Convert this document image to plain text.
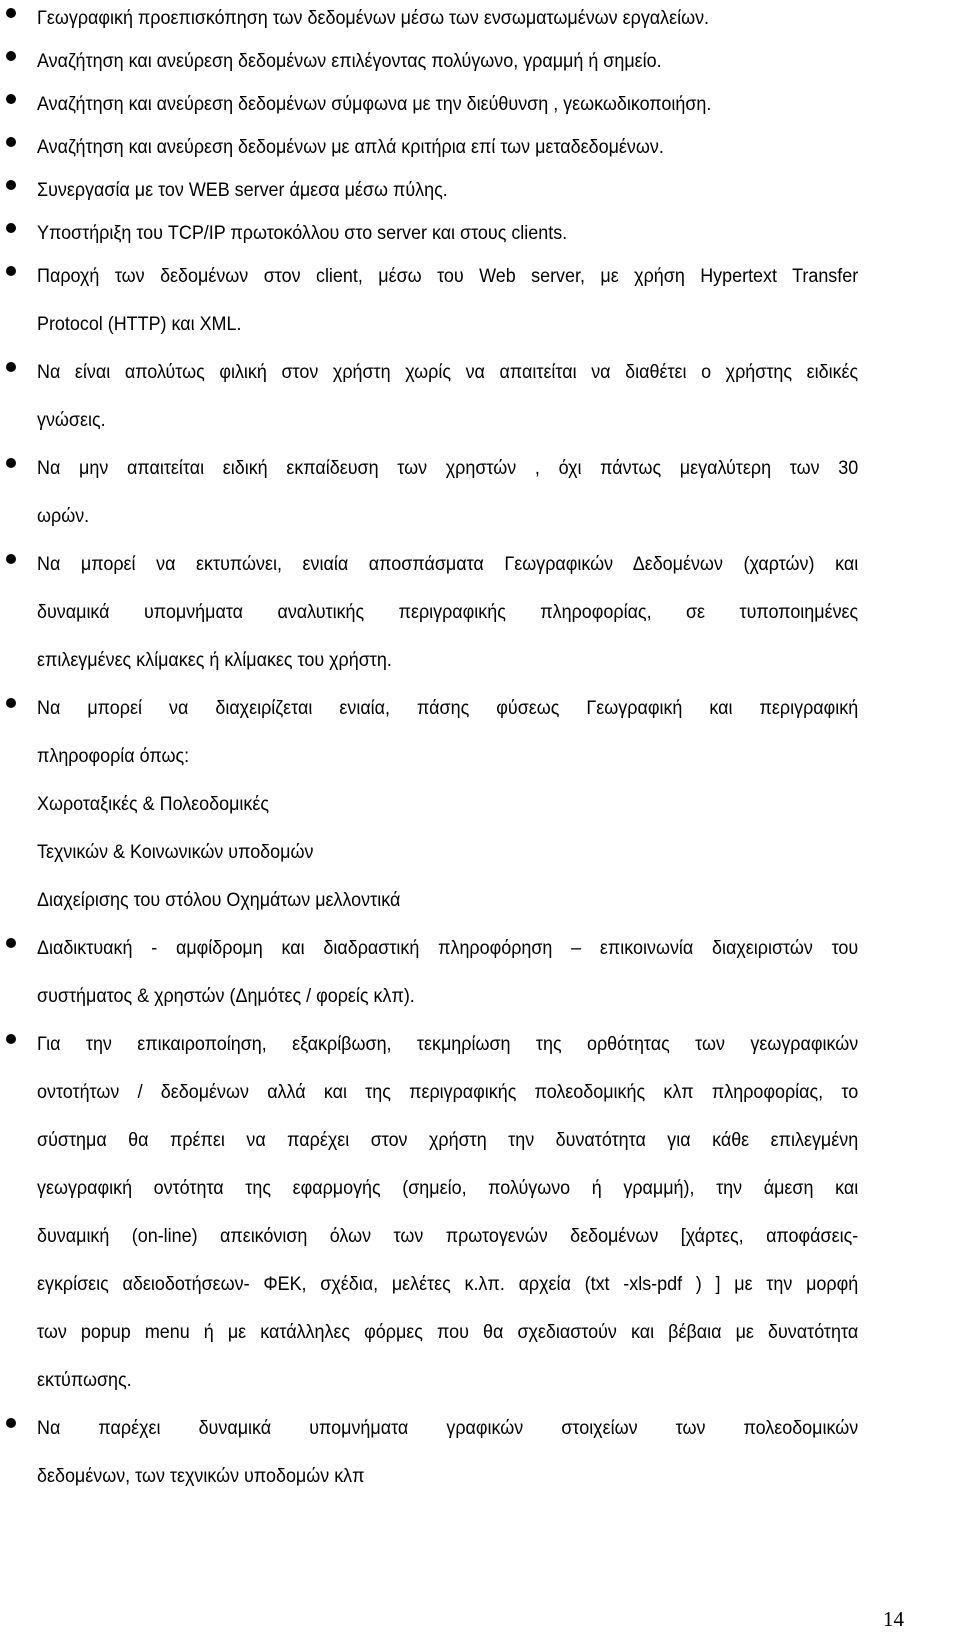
Γεωγραφική προεπισκόπηση των δεδομένων μέσω των ενσωματωμένων εργαλείων.
Αναζήτηση και ανεύρεση δεδομένων επιλέγοντας πολύγωνο, γραμμή ή σημείο.
Αναζήτηση και ανεύρεση δεδομένων σύμφωνα με την διεύθυνση , γεωκωδικοποιήση.
Αναζήτηση και ανεύρεση δεδομένων με απλά κριτήρια επί των μεταδεδομένων.
Συνεργασία με τον WEB server άμεσα μέσω πύλης.
Υποστήριξη του TCP/IP πρωτοκόλλου στο server και στους clients.
Παροχή των δεδομένων στον client, μέσω του Web server, με χρήση Hypertext Transfer
Protocol (HTTP) και XML.
Να είναι απολύτως φιλική στον χρήστη χωρίς να απαιτείται να διαθέτει ο χρήστης ειδικές
γνώσεις.
Να μην απαιτείται ειδική εκπαίδευση των χρηστών , όχι πάντως μεγαλύτερη των 30
ωρών.
Να μπορεί να εκτυπώνει, ενιαία αποσπάσματα Γεωγραφικών Δεδομένων (χαρτών) και
δυναμικά υπομνήματα αναλυτικής περιγραφικής πληροφορίας, σε τυποποιημένες
επιλεγμένες κλίμακες ή κλίμακες του χρήστη.
Να μπορεί να διαχειρίζεται ενιαία, πάσης φύσεως Γεωγραφική και περιγραφική
πληροφορία όπως:
Χωροταξικές & Πολεοδομικές
Τεχνικών & Κοινωνικών υποδομών
Διαχείρισης του στόλου Οχημάτων μελλοντικά
Διαδικτυακή - αμφίδρομη και διαδραστική πληροφόρηση – επικοινωνία διαχειριστών του
συστήματος & χρηστών (Δημότες / φορείς κλπ).
Για την επικαιροποίηση, εξακρίβωση, τεκμηρίωση της ορθότητας των γεωγραφικών
οντοτήτων / δεδομένων αλλά και της περιγραφικής πολεοδομικής κλπ πληροφορίας, το
σύστημα θα πρέπει να παρέχει στον χρήστη την δυνατότητα για κάθε επιλεγμένη
γεωγραφική οντότητα της εφαρμογής (σημείο, πολύγωνο ή γραμμή), την άμεση και
δυναμική (on-line) απεικόνιση όλων των πρωτογενών δεδομένων [χάρτες, αποφάσεις-
εγκρίσεις αδειοδοτήσεων- ΦΕΚ, σχέδια, μελέτες κ.λπ. αρχεία (txt -xls-pdf ) ] με την μορφή
των popup menu ή με κατάλληλες φόρμες που θα σχεδιαστούν και βέβαια με δυνατότητα
εκτύπωσης.
Να παρέχει δυναμικά υπομνήματα γραφικών στοιχείων των πολεοδομικών
δεδομένων, των τεχνικών υποδομών κλπ
14
